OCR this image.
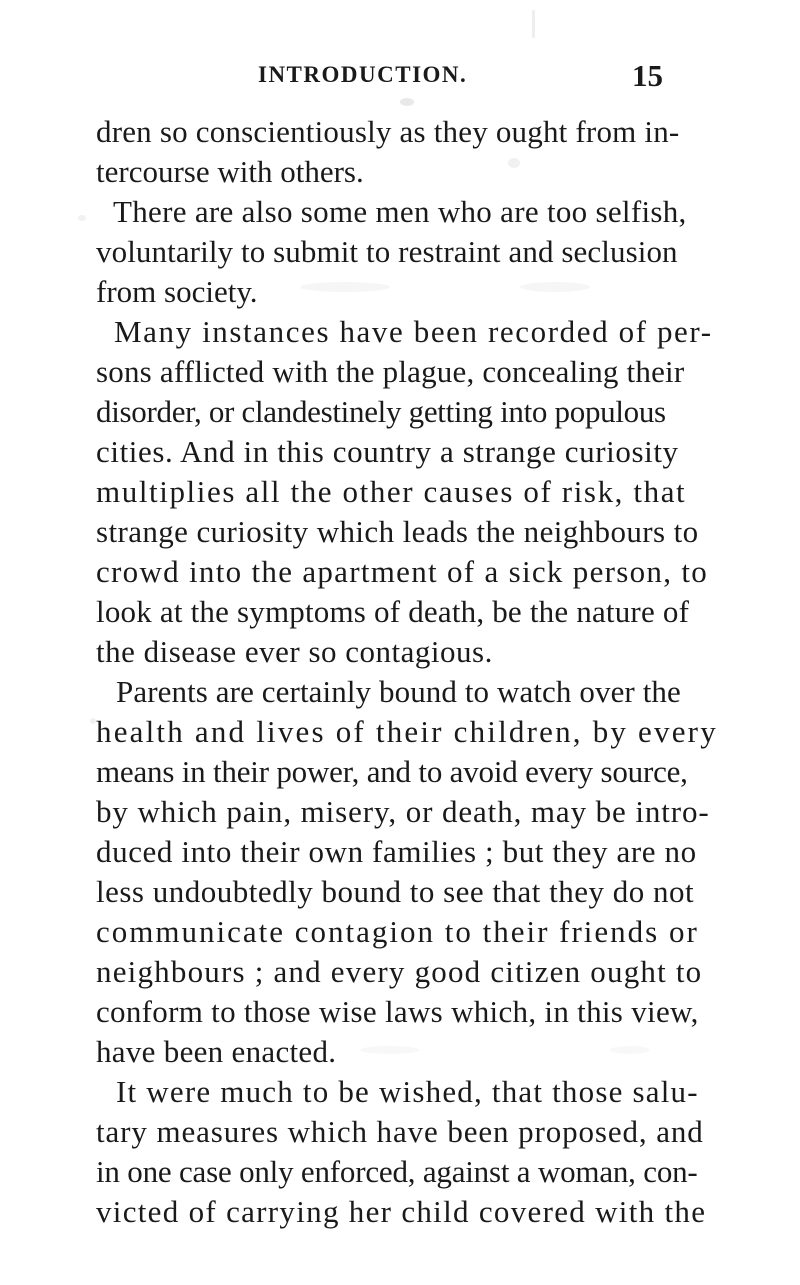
INTRODUCTION.	15
dren so conscientiously as they ought from in-
tercourse with others.
There are also some men who are too selfish,
voluntarily to submit to restraint and seclusion
from society.
Many instances have been recorded of per-
sons afflicted with the plague, concealing their
disorder, or clandestinely getting into populous
cities. And in this country a strange curiosity
multiplies all the other causes of risk, that
strange curiosity which leads the neighbours to
crowd into the apartment of a sick person, to
look at the symptoms of death, be the nature of
the disease ever so contagious.
Parents are certainly bound to watch over the
health and lives of their children, by every
means in their power, and to avoid every source,
by which pain, misery, or death, may be intro-
duced into their own families ; but they are no
less undoubtedly bound to see that they do not
communicate contagion to their friends or
neighbours ; and every good citizen ought to
conform to those wise laws which, in this view,
have been enacted.
It were much to be wished, that those salu-
tary measures which have been proposed, and
in one case only enforced, against a woman, con-
victed of carrying her child covered with the
